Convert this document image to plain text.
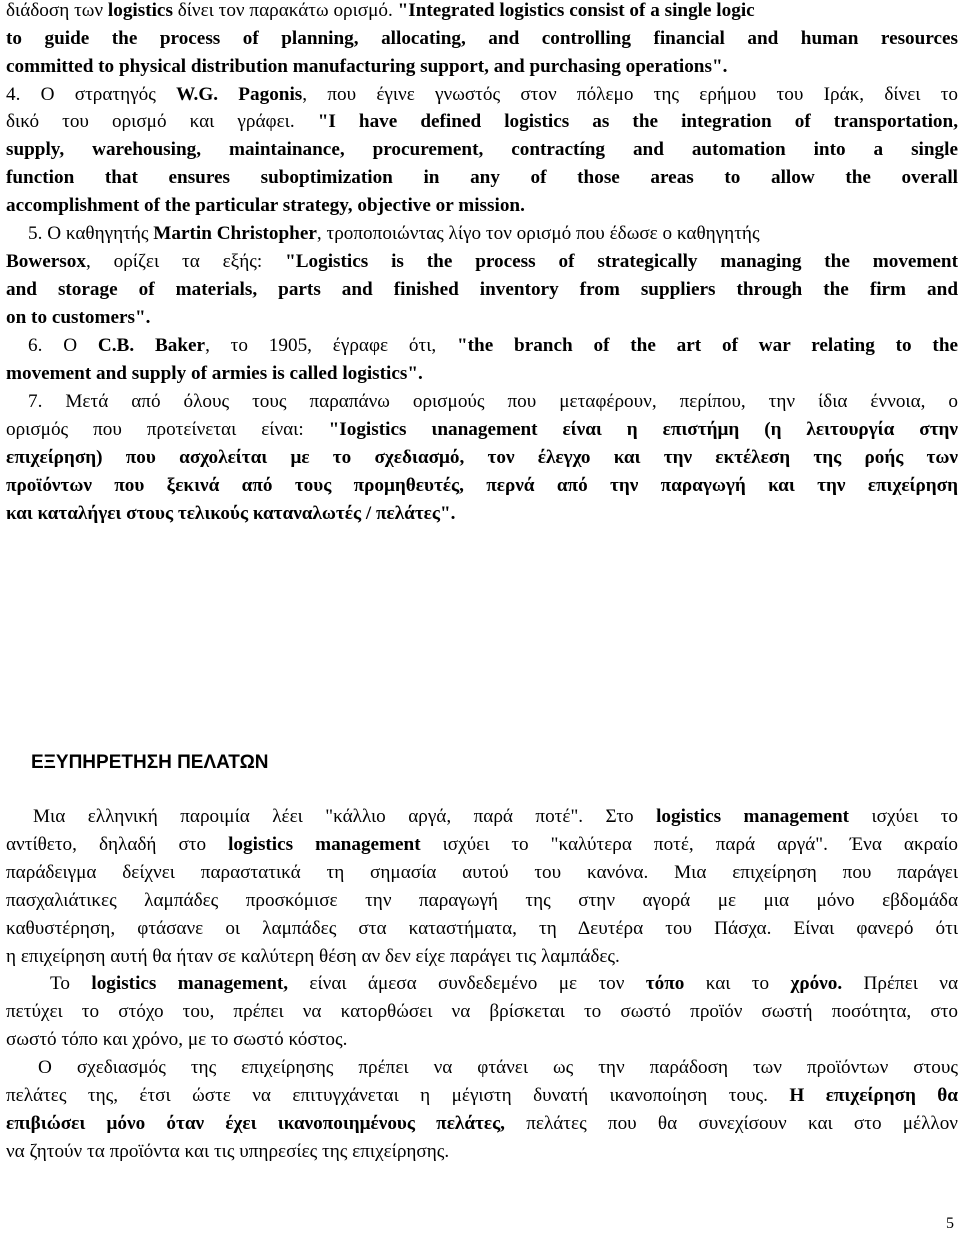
διάδοση των logistics δίνει τον παρακάτω ορισμό. "Integrated logistics consist of a single logic
to guide the process of planning, allocating, and controlling financial and human resources
committed to physical distribution manufacturing support, and purchasing operations".
4. Ο στρατηγός W.G. Pagonis, που έγινε γνωστός στον πόλεμο της ερήμου του Ιράκ, δίνει το
δικό του ορισμό και γράφει. "I have defined logistics as the integration of transportation,
supply, warehousing, maintainance, procurement, contractíng and automation into a single
function that ensures suboptimization in any of those areas to allow the overall
accomplishment of the particular strategy, objective or mission.
5. Ο καθηγητής Martin Christopher, τροποποιώντας λίγο τον ορισμό που έδωσε ο καθηγητής
Bowersox, ορίζει τα εξής: "Logistics is the process of strategically managing the movement
and storage of materials, parts and finished inventory from suppliers through the firm and
on to customers".
6. Ο C.B. Baker, το 1905, έγραφε ότι, "the branch of the art of war relating to the
movement and supply of armies is called logistics".
7. Μετά από όλους τους παραπάνω ορισμούς που μεταφέρουν, περίπου, την ίδια έννοια, ο
ορισμός που προτείνεται είναι: "Iogistics ιnanagement είναι η επιστήμη (η λειτουργία στην
επιχείρηση) που ασχολείται με το σχεδιασμό, τον έλεγχο και την εκτέλεση της ροής των
προϊόντων που ξεκινά από τους προμηθευτές, περνά από την παραγωγή και την επιχείρηση
και καταλήγει στους τελικούς καταναλωτές / πελάτες".
ΕΞΥΠΗΡΕΤΗΣΗ ΠΕΛΑΤΩΝ
Μια ελληνική παροιμία λέει "κάλλιο αργά, παρά ποτέ". Στο logistics management ισχύει το
αντίθετο, δηλαδή στο logistics management ισχύει το "καλύτερα ποτέ, παρά αργά". Ένα ακραίο
παράδειγμα δείχνει παραστατικά τη σημασία αυτού του κανόνα. Μια επιχείρηση που παράγει
πασχαλιάτικες λαμπάδες προσκόμισε την παραγωγή της στην αγορά με μια μόνο εβδομάδα
καθυστέρηση, φτάσανε οι λαμπάδες στα καταστήματα, τη Δευτέρα του Πάσχα. Είναι φανερό ότι
η επιχείρηση αυτή θα ήταν σε καλύτερη θέση αν δεν είχε παράγει τις λαμπάδες.
Το logistics management, είναι άμεσα συνδεδεμένο με τον τόπο και το χρόνο. Πρέπει να
πετύχει το στόχο του, πρέπει να κατορθώσει να βρίσκεται το σωστό προϊόν σωστή ποσότητα, στο
σωστό τόπο και χρόνο, με το σωστό κόστος.
Ο σχεδιασμός της επιχείρησης πρέπει να φτάνει ως την παράδοση των προϊόντων στους
πελάτες της, έτσι ώστε να επιτυγχάνεται η μέγιστη δυνατή ικανοποίηση τους. Η επιχείρηση θα
επιβιώσει μόνο όταν έχει ικανοποιημένους πελάτες, πελάτες που θα συνεχίσουν και στο μέλλον
να ζητούν τα προϊόντα και τις υπηρεσίες της επιχείρησης.
5
